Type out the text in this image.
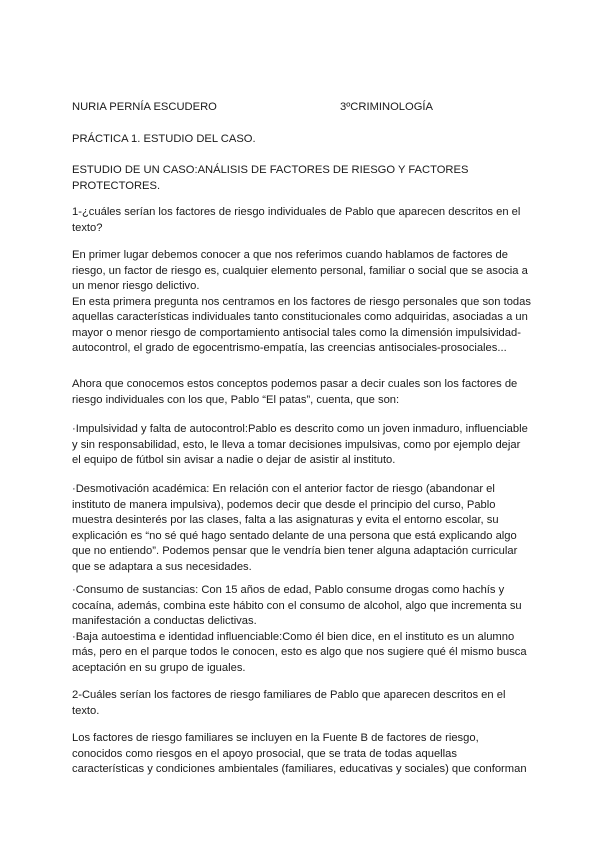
NURIA PERNÍA ESCUDERO	3ºCRIMINOLOGÍA
PRÁCTICA 1. ESTUDIO DEL CASO.
ESTUDIO DE UN CASO:ANÁLISIS DE FACTORES DE RIESGO Y FACTORES PROTECTORES.
1-¿cuáles serían los factores de riesgo individuales de Pablo que aparecen descritos en el texto?

En primer lugar debemos conocer a que nos referimos cuando hablamos de factores de riesgo, un factor de riesgo es, cualquier elemento personal, familiar o social que se asocia a un menor riesgo delictivo.

En esta primera pregunta nos centramos en los factores de riesgo personales que son todas aquellas características individuales tanto constitucionales como adquiridas, asociadas a un mayor o menor riesgo de comportamiento antisocial tales como la dimensión impulsividad-autocontrol, el grado de egocentrismo-empatía, las creencias antisociales-prosociales...

Ahora que conocemos estos conceptos podemos pasar a decir cuales son los factores de riesgo individuales con los que, Pablo “El patas”, cuenta, que son:
·Impulsividad y falta de autocontrol:Pablo es descrito como un joven inmaduro, influenciable y sin responsabilidad, esto, le lleva a tomar decisiones impulsivas, como por ejemplo dejar el equipo de fútbol sin avisar a nadie o dejar de asistir al instituto.
·Desmotivación académica: En relación con el anterior factor de riesgo (abandonar el instituto de manera impulsiva), podemos decir que desde el principio del curso, Pablo muestra desinterés por las clases, falta a las asignaturas y evita el entorno escolar, su explicación es “no sé qué hago sentado delante de una persona que está explicando algo que no entiendo”. Podemos pensar que le vendría bien tener alguna adaptación curricular que se adaptara a sus necesidades.

·Consumo de sustancias: Con 15 años de edad, Pablo consume drogas como hachís y cocaína, además, combina este hábito con el consumo de alcohol, algo que incrementa su manifestación a conductas delictivas.

·Baja autoestima e identidad influenciable:Como él bien dice, en el instituto es un alumno más, pero en el parque todos le conocen, esto es algo que nos sugiere qué él mismo busca aceptación en su grupo de iguales.

2-Cuáles serían los factores de riesgo familiares de Pablo que aparecen descritos en el texto.
Los factores de riesgo familiares se incluyen en la Fuente B de factores de riesgo, conocidos como riesgos en el apoyo prosocial, que se trata de todas aquellas características y condiciones ambientales (familiares, educativas y sociales) que conforman
